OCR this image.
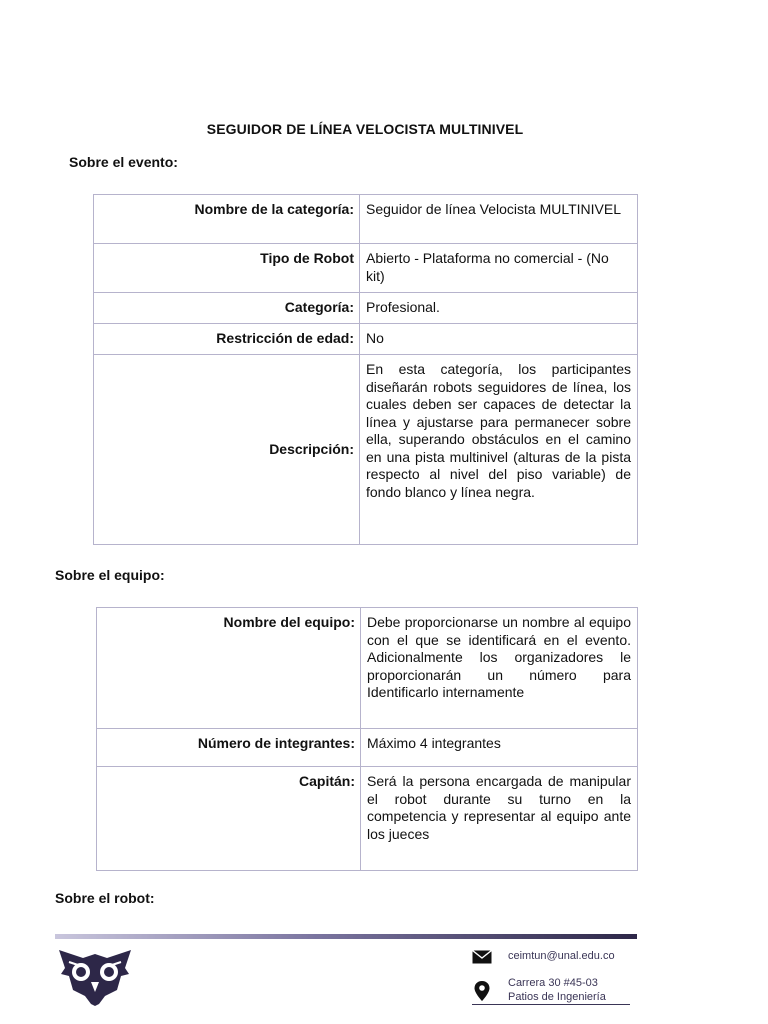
SEGUIDOR DE LÍNEA VELOCISTA MULTINIVEL
Sobre el evento:
Nombre de la categoría:	Seguidor de línea Velocista MULTINIVEL
Tipo de Robot	Abierto - Plataforma no comercial - (No kit)
Categoría:	Profesional.
Restricción de edad:	No
Descripción:	En esta categoría, los participantes diseñarán robots seguidores de línea, los cuales deben ser capaces de detectar la línea y ajustarse para permanecer sobre ella, superando obstáculos en el camino en una pista multinivel (alturas de la pista respecto al nivel del piso variable) de fondo blanco y línea negra.
Sobre el equipo:
Nombre del equipo:	Debe proporcionarse un nombre al equipo con el que se identificará en el evento. Adicionalmente los organizadores le proporcionarán un número para Identificarlo internamente
Número de integrantes:	Máximo 4 integrantes
Capitán:	Será la persona encargada de manipular el robot durante su turno en la competencia y representar al equipo ante los jueces
Sobre el robot:
ceimtun@unal.edu.co
Carrera 30 #45-03
Patios de Ingeniería
